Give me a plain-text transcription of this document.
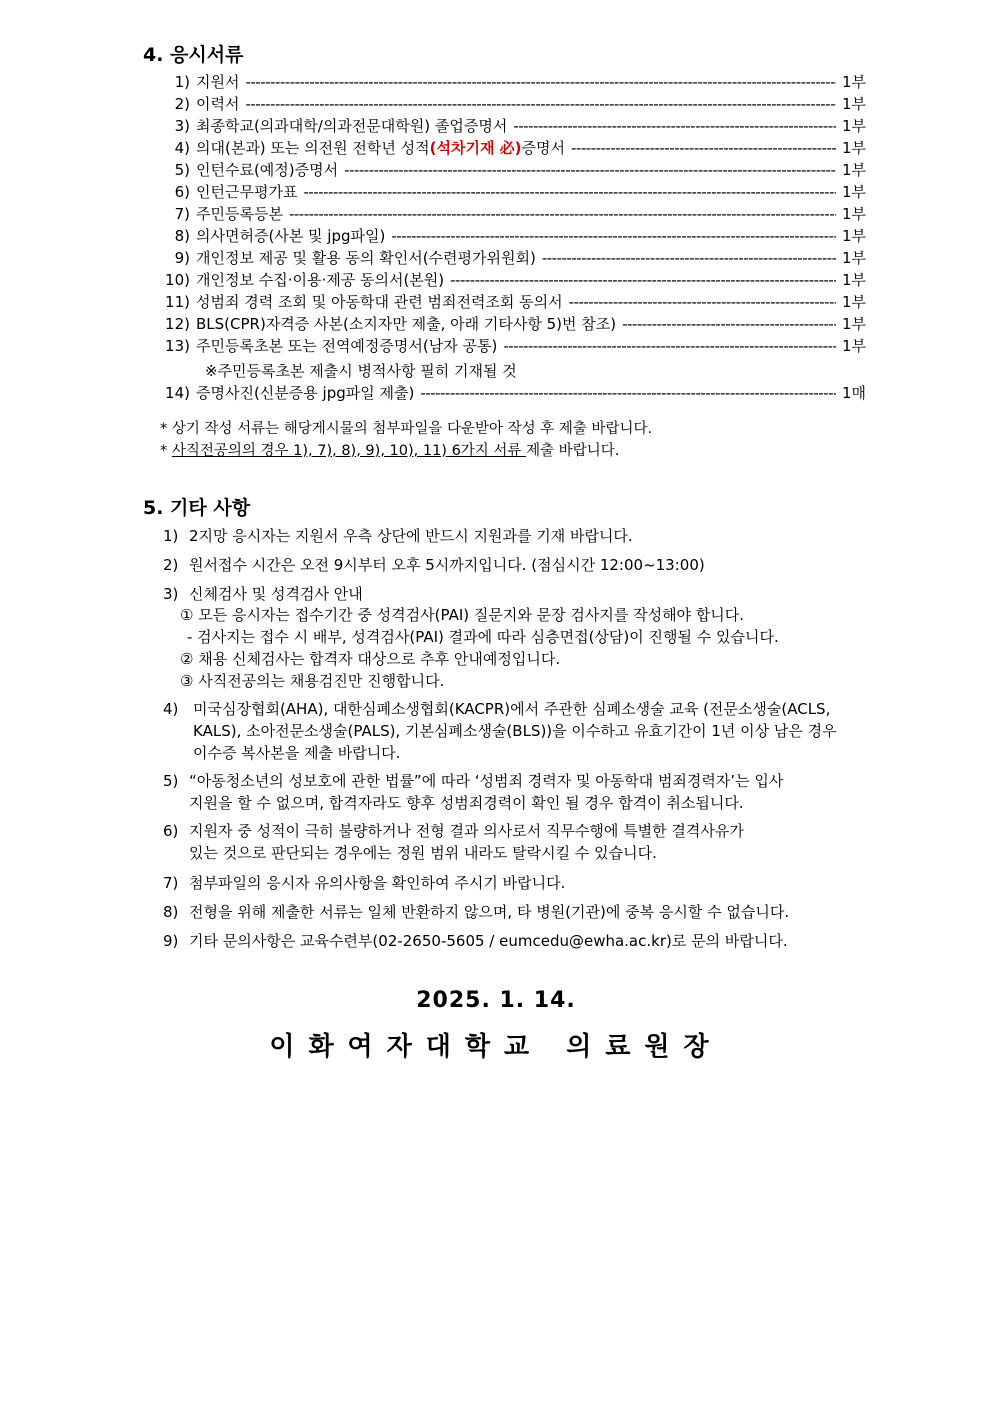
4. 응시서류
1) 지원서 -----	1부
2) 이력서 -----	1부
3) 최종학교(의과대학/의과전문대학원) 졸업증명서 -----	1부
4) 의대(본과) 또는 의전원 전학년 성적(석차기재 必)증명서 -----	1부
5) 인턴수료(예정)증명서 -----	1부
6) 인턴근무평가표 -----	1부
7) 주민등록등본 -----	1부
8) 의사면허증(사본 및 jpg파일) -----	1부
9) 개인정보 제공 및 활용 동의 확인서(수련평가위원회) -----	1부
10) 개인정보 수집·이용·제공 동의서(본원) -----	1부
11) 성범죄 경력 조회 및 아동학대 관련 범죄전력조회 동의서 -----	1부
12) BLS(CPR)자격증 사본(소지자만 제출, 아래 기타사항 5)번 참조) -----	1부
13) 주민등록초본 또는 전역예정증명서(남자 공통) -----	1부
※주민등록초본 제출시 병적사항 필히 기재될 것
14) 증명사진(신분증용 jpg파일 제출) -----	1매
* 상기 작성 서류는 해당게시물의 첨부파일을 다운받아 작성 후 제출 바랍니다.
* 사직전공의의 경우 1), 7), 8), 9), 10), 11) 6가지 서류 제출 바랍니다.
5. 기타 사항
1) 2지망 응시자는 지원서 우측 상단에 반드시 지원과를 기재 바랍니다.
2) 원서접수 시간은 오전 9시부터 오후 5시까지입니다. (점심시간 12:00~13:00)
3) 신체검사 및 성격검사 안내
① 모든 응시자는 접수기간 중 성격검사(PAI) 질문지와 문장 검사지를 작성해야 합니다.
- 검사지는 접수 시 배부, 성격검사(PAI) 결과에 따라 심층면접(상담)이 진행될 수 있습니다.
② 채용 신체검사는 합격자 대상으로 추후 안내예정입니다.
③ 사직전공의는 채용검진만 진행합니다.
4) 미국심장협회(AHA), 대한심폐소생협회(KACPR)에서 주관한 심폐소생술 교육 (전문소생술(ACLS,
KALS), 소아전문소생술(PALS), 기본심폐소생술(BLS))을 이수하고 유효기간이 1년 이상 남은 경우
이수증 복사본을 제출 바랍니다.
5) “아동청소년의 성보호에 관한 법률”에 따라 ‘성범죄 경력자 및 아동학대 범죄경력자’는 입사
지원을 할 수 없으며, 합격자라도 향후 성범죄경력이 확인 될 경우 합격이 취소됩니다.
6) 지원자 중 성적이 극히 불량하거나 전형 결과 의사로서 직무수행에 특별한 결격사유가
있는 것으로 판단되는 경우에는 정원 범위 내라도 탈락시킬 수 있습니다.
7) 첨부파일의 응시자 유의사항을 확인하여 주시기 바랍니다.
8) 전형을 위해 제출한 서류는 일체 반환하지 않으며, 타 병원(기관)에 중복 응시할 수 없습니다.
9) 기타 문의사항은 교육수련부(02-2650-5605 / eumcedu@ewha.ac.kr)로 문의 바랍니다.
2025. 1. 14.
이화여자대학교 의료원장
